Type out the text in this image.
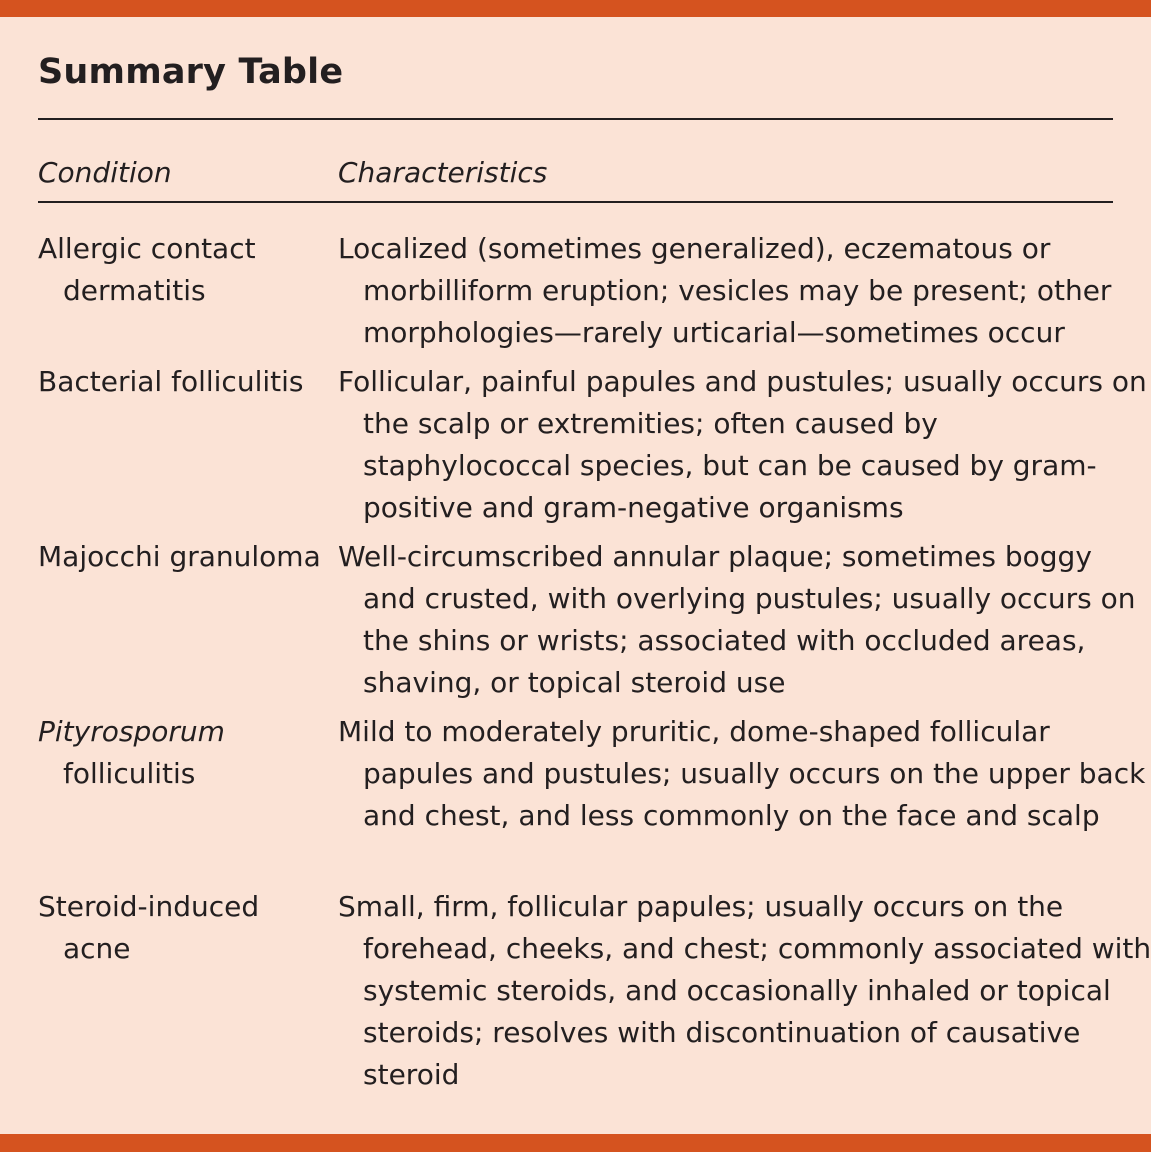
Summary Table
Condition	Characteristics
Allergic contact dermatitis
Localized (sometimes generalized), eczematous or morbilliform eruption; vesicles may be present; other morphologies—rarely urticarial—sometimes occur
Bacterial folliculitis	Follicular, painful papules and pustules; usually occurs on the scalp or extremities; often caused by staphylococcal species, but can be caused by gram-positive and gram-negative organisms
Majocchi granuloma Well-circumscribed annular plaque; sometimes boggy and crusted, with overlying pustules; usually occurs on the shins or wrists; associated with occluded areas, shaving, or topical steroid use
Pityrosporum folliculitis
Mild to moderately pruritic, dome-shaped follicular papules and pustules; usually occurs on the upper back and chest, and less commonly on the face and scalp
Steroid-induced acne
Small, firm, follicular papules; usually occurs on the forehead, cheeks, and chest; commonly associated with systemic steroids, and occasionally inhaled or topical steroids; resolves with discontinuation of causative steroid
